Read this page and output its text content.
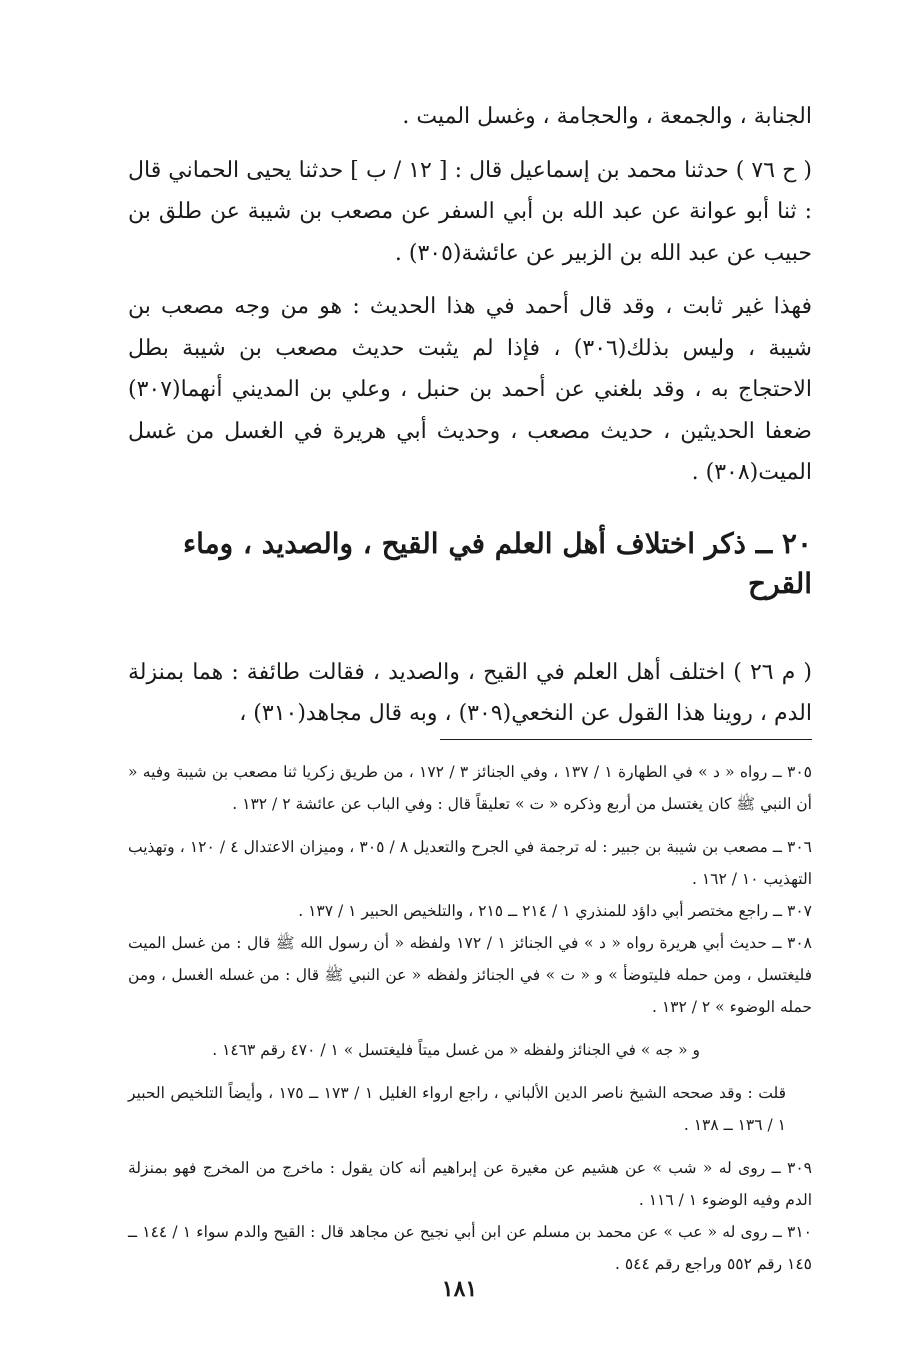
الجنابة ، والجمعة ، والحجامة ، وغسل الميت .

( ح ٧٦ ) حدثنا محمد بن إسماعيل قال : [ ١٢ / ب ] حدثنا يحيى الحماني قال : ثنا أبو عوانة عن عبد الله بن أبي السفر عن مصعب بن شيبة عن طلق بن حبيب عن عبد الله بن الزبير عن عائشة(٣٠٥) .

فهذا غير ثابت ، وقد قال أحمد في هذا الحديث : هو من وجه مصعب بن شيبة ، وليس بذلك(٣٠٦) ، فإذا لم يثبت حديث مصعب بن شيبة بطل الاحتجاج به ، وقد بلغني عن أحمد بن حنبل ، وعلي بن المديني أنهما(٣٠٧) ضعفا الحديثين ، حديث مصعب ، وحديث أبي هريرة في الغسل من غسل الميت(٣٠٨) .

٢٠ ــ ذكر اختلاف أهل العلم في القيح ، والصديد ، وماء القرح

( م ٢٦ ) اختلف أهل العلم في القيح ، والصديد ، فقالت طائفة : هما بمنزلة الدم ، روينا هذا القول عن النخعي(٣٠٩) ، وبه قال مجاهد(٣١٠) ،

٣٠٥ ــ رواه « د » في الطهارة ١ / ١٣٧ ، وفي الجنائز ٣ / ١٧٢ ، من طريق زكريا ثنا مصعب بن شيبة وفيه « أن النبي ﷺ كان يغتسل من أربع وذكره « ت » تعليقاً قال : وفي الباب عن عائشة ٢ / ١٣٢ .

٣٠٦ ــ مصعب بن شيبة بن جبير : له ترجمة في الجرح والتعديل ٨ / ٣٠٥ ، وميزان الاعتدال ٤ / ١٢٠ ، وتهذيب التهذيب ١٠ / ١٦٢ .

٣٠٧ ــ راجع مختصر أبي داؤد للمنذري ١ / ٢١٤ ــ ٢١٥ ، والتلخيص الحبير ١ / ١٣٧ .

٣٠٨ ــ حديث أبي هريرة رواه « د » في الجنائز ١ / ١٧٢ ولفظه « أن رسول الله ﷺ قال : من غسل الميت فليغتسل ، ومن حمله فليتوضأ » و « ت » في الجنائز ولفظه « عن النبي ﷺ قال : من غسله الغسل ، ومن حمله الوضوء » ٢ / ١٣٢ .

و « جه » في الجنائز ولفظه « من غسل ميتاً فليغتسل » ١ / ٤٧٠ رقم ١٤٦٣ .

قلت : وقد صححه الشيخ ناصر الدين الألباني ، راجع ارواء الغليل ١ / ١٧٣ ــ ١٧٥ ، وأيضاً التلخيص الحبير ١ / ١٣٦ ــ ١٣٨ .

٣٠٩ ــ روى له « شب » عن هشيم عن مغيرة عن إبراهيم أنه كان يقول : ماخرج من المخرج فهو بمنزلة الدم وفيه الوضوء ١ / ١١٦ .

٣١٠ ــ روى له « عب » عن محمد بن مسلم عن ابن أبي نجيح عن مجاهد قال : القيح والدم سواء ١ / ١٤٤ ــ ١٤٥ رقم ٥٥٢ وراجع رقم ٥٤٤ .

١٨١
